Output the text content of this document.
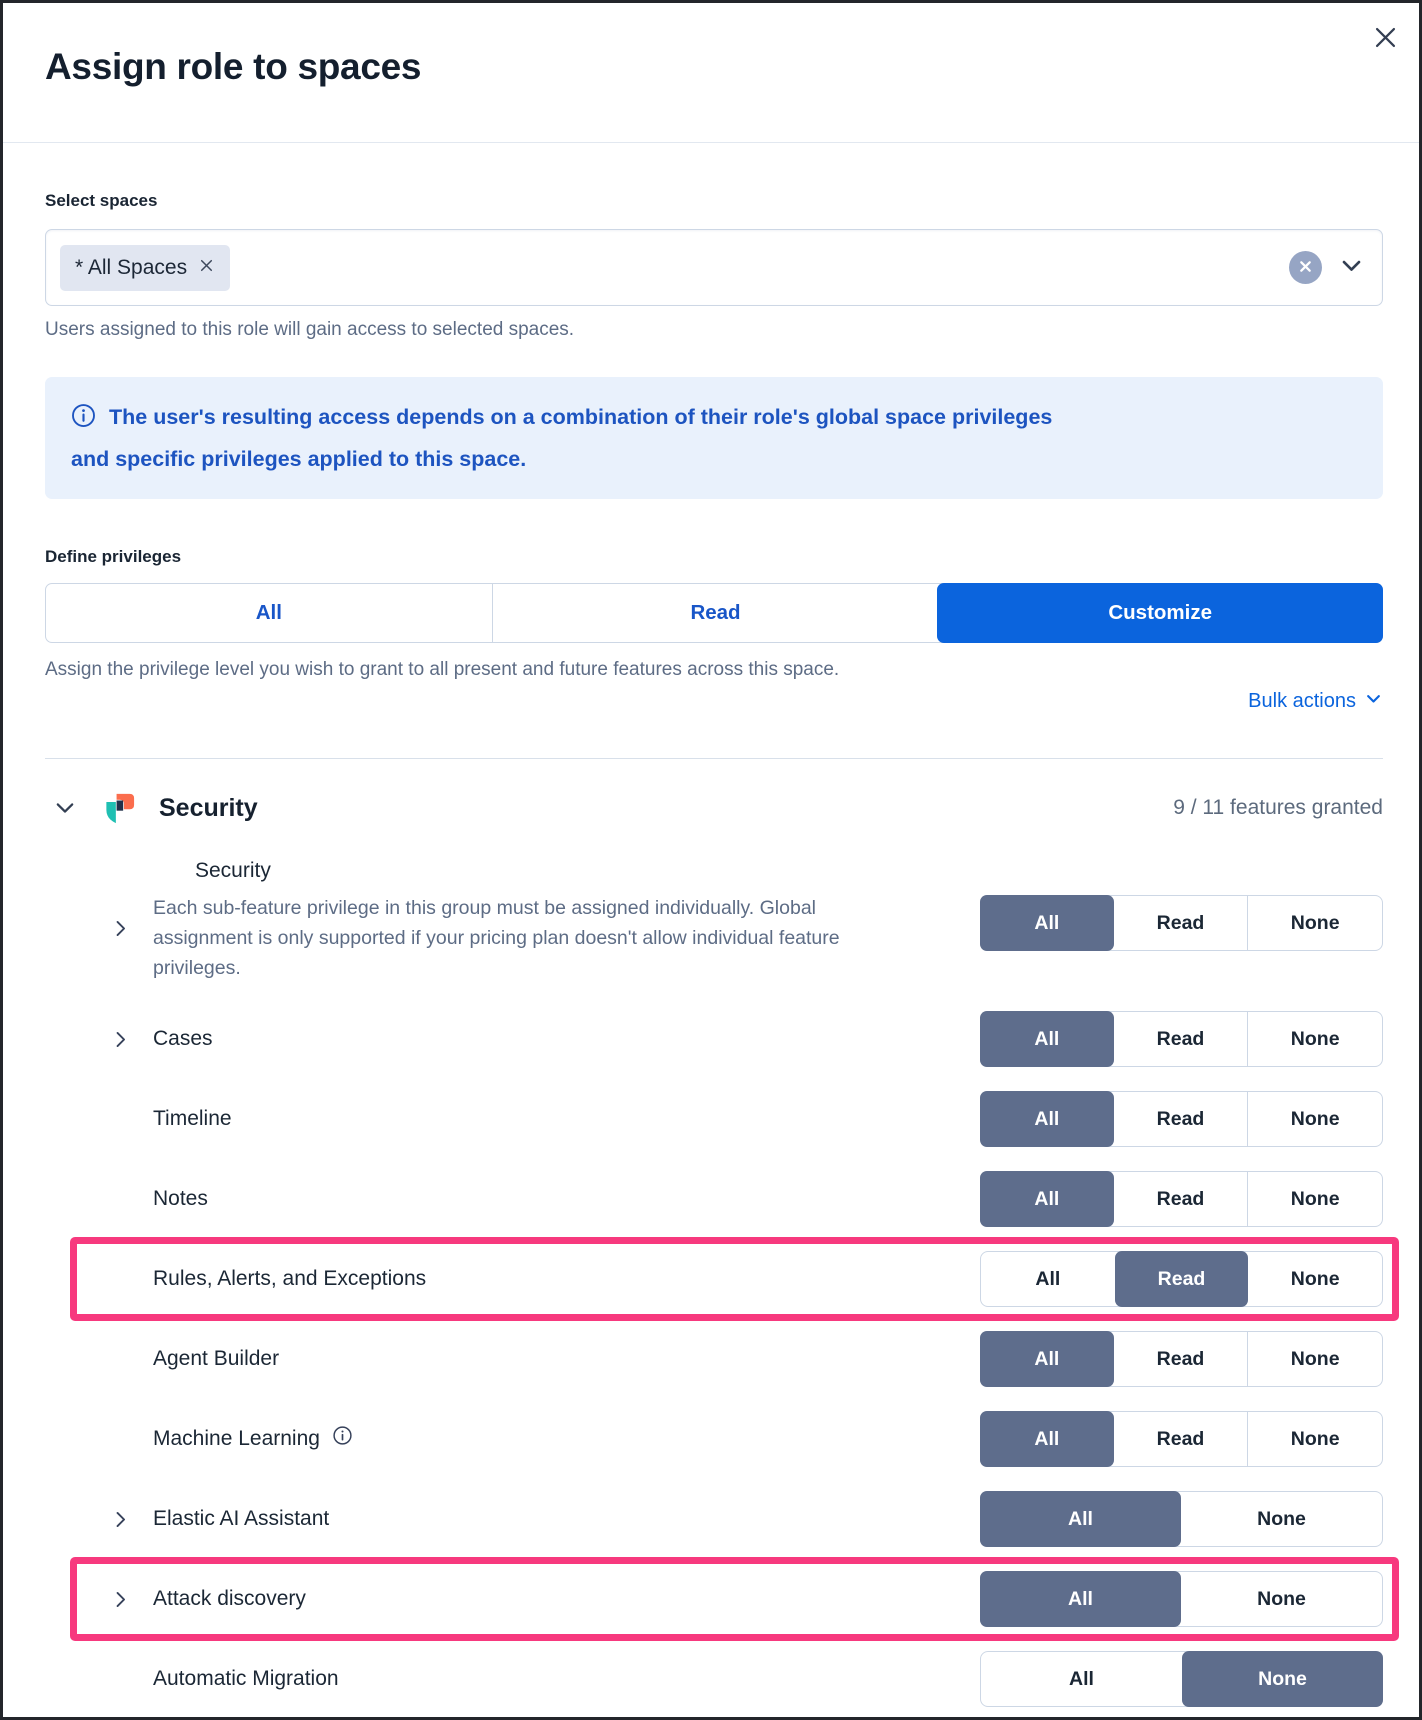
Assign role to spaces
Select spaces
* All Spaces
Users assigned to this role will gain access to selected spaces.
The user's resulting access depends on a combination of their role's global space privileges
and specific privileges applied to this space.
Define privileges
All	Read	Customize
Assign the privilege level you wish to grant to all present and future features across this space.
Bulk actions
Security	9 / 11 features granted
Security
Each sub-feature privilege in this group must be assigned individually. Global assignment is only supported if your pricing plan doesn't allow individual feature privileges.
All	Read	None
Cases	All	Read	None
Timeline	All	Read	None
Notes	All	Read	None
Rules, Alerts, and Exceptions	All	Read	None
Agent Builder	All	Read	None
Machine Learning	All	Read	None
Elastic AI Assistant	All	None
Attack discovery	All	None
Automatic Migration	All	None
